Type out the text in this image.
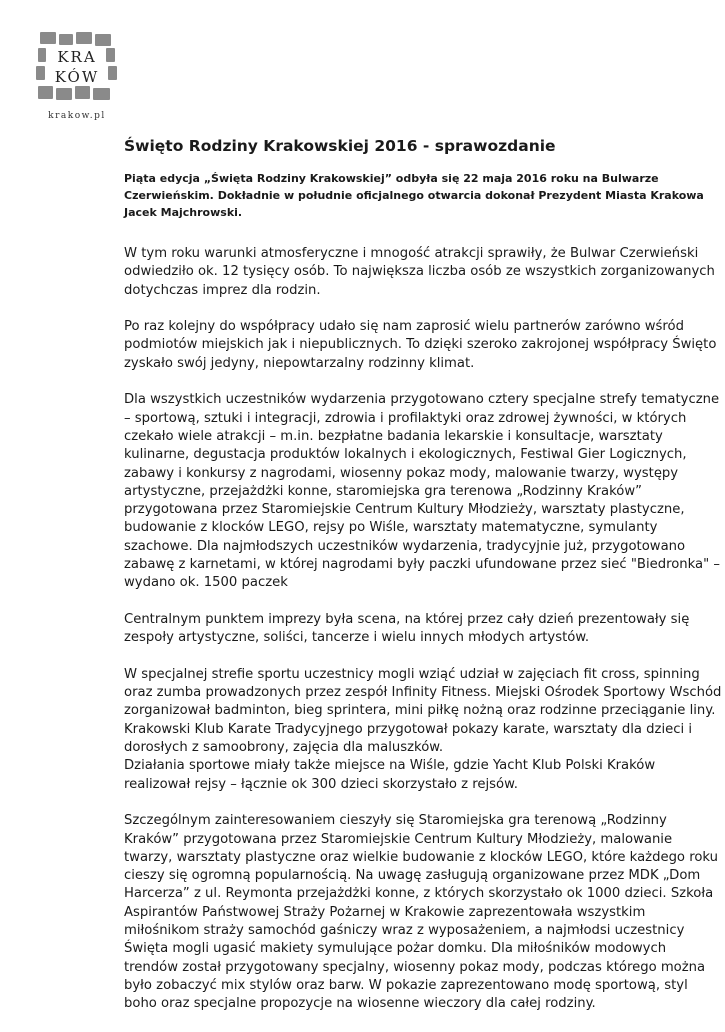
KRA
KÓW
krakow.pl
Święto Rodziny Krakowskiej 2016 - sprawozdanie

Piąta edycja „Święta Rodziny Krakowskiej” odbyła się 22 maja 2016 roku na Bulwarze Czerwieńskim. Dokładnie w południe oficjalnego otwarcia dokonał Prezydent Miasta Krakowa Jacek Majchrowski.

W tym roku warunki atmosferyczne i mnogość atrakcji sprawiły, że Bulwar Czerwieński odwiedziło ok. 12 tysięcy osób. To największa liczba osób ze wszystkich zorganizowanych dotychczas imprez dla rodzin.

Po raz kolejny do współpracy udało się nam zaprosić wielu partnerów zarówno wśród podmiotów miejskich jak i niepublicznych. To dzięki szeroko zakrojonej współpracy Święto zyskało swój jedyny, niepowtarzalny rodzinny klimat.

Dla wszystkich uczestników wydarzenia przygotowano cztery specjalne strefy tematyczne – sportową, sztuki i integracji, zdrowia i profilaktyki oraz zdrowej żywności, w których czekało wiele atrakcji – m.in. bezpłatne badania lekarskie i konsultacje, warsztaty kulinarne, degustacja produktów lokalnych i ekologicznych, Festiwal Gier Logicznych, zabawy i konkursy z nagrodami, wiosenny pokaz mody, malowanie twarzy, występy artystyczne, przejażdżki konne, staromiejska gra terenowa „Rodzinny Kraków” przygotowana przez Staromiejskie Centrum Kultury Młodzieży, warsztaty plastyczne, budowanie z klocków LEGO, rejsy po Wiśle, warsztaty matematyczne, symulanty szachowe. Dla najmłodszych uczestników wydarzenia, tradycyjnie już, przygotowano zabawę z karnetami, w której nagrodami były paczki ufundowane przez sieć "Biedronka" – wydano ok. 1500 paczek

Centralnym punktem imprezy była scena, na której przez cały dzień prezentowały się zespoły artystyczne, soliści, tancerze i wielu innych młodych artystów.

W specjalnej strefie sportu uczestnicy mogli wziąć udział w zajęciach fit cross, spinning oraz zumba prowadzonych przez zespół Infinity Fitness. Miejski Ośrodek Sportowy Wschód zorganizował badminton, bieg sprintera, mini piłkę nożną oraz rodzinne przeciąganie liny. Krakowski Klub Karate Tradycyjnego przygotował pokazy karate, warsztaty dla dzieci i dorosłych z samoobrony, zajęcia dla maluszków.
Działania sportowe miały także miejsce na Wiśle, gdzie Yacht Klub Polski Kraków realizował rejsy – łącznie ok 300 dzieci skorzystało z rejsów.

Szczególnym zainteresowaniem cieszyły się Staromiejska gra terenową „Rodzinny Kraków” przygotowana przez Staromiejskie Centrum Kultury Młodzieży, malowanie twarzy, warsztaty plastyczne oraz wielkie budowanie z klocków LEGO, które każdego roku cieszy się ogromną popularnością. Na uwagę zasługują organizowane przez MDK „Dom Harcerza” z ul. Reymonta przejażdżki konne, z których skorzystało ok 1000 dzieci. Szkoła Aspirantów Państwowej Straży Pożarnej w Krakowie zaprezentowała wszystkim miłośnikom straży samochód gaśniczy wraz z wyposażeniem, a najmłodsi uczestnicy Święta mogli ugasić makiety symulujące pożar domku. Dla miłośników modowych trendów został przygotowany specjalny, wiosenny pokaz mody, podczas którego można było zobaczyć mix stylów oraz barw. W pokazie zaprezentowano modę sportową, styl boho oraz specjalne propozycje na wiosenne wieczory dla całej rodziny.
